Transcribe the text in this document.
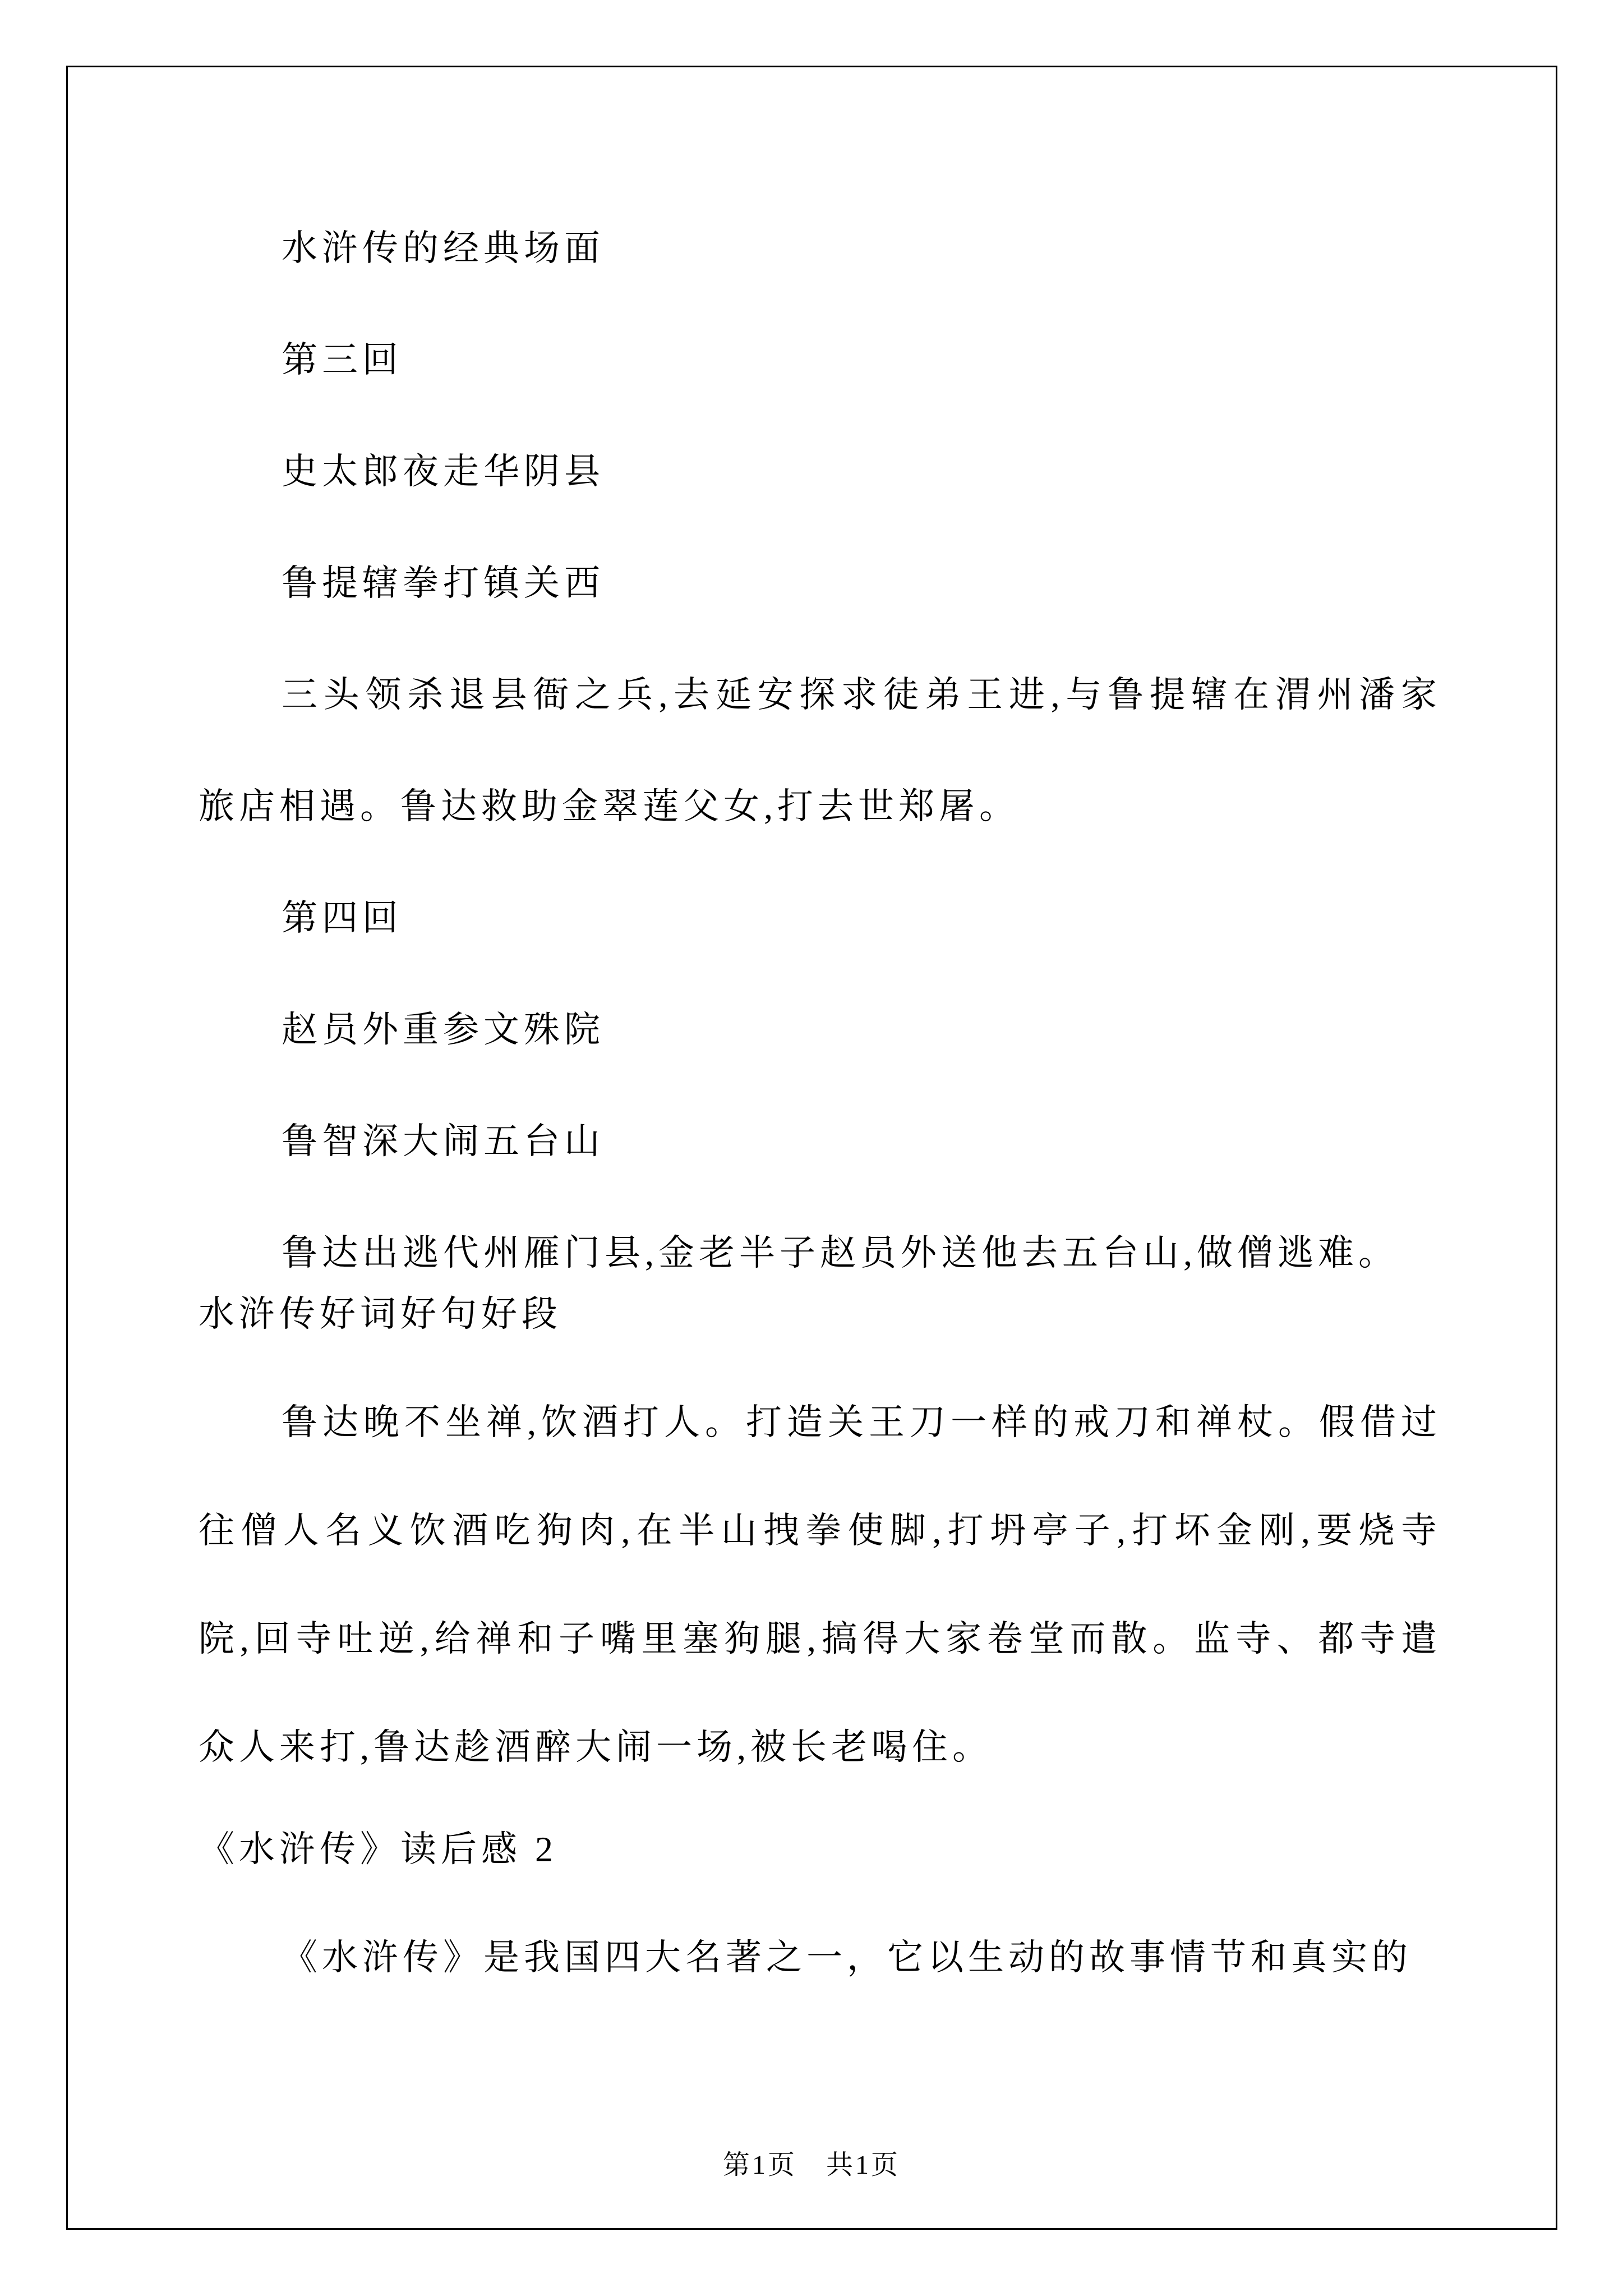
水浒传的经典场面
第三回
史太郎夜走华阴县
鲁提辖拳打镇关西
三头领杀退县衙之兵,去延安探求徒弟王进,与鲁提辖在渭州潘家
旅店相遇。鲁达救助金翠莲父女,打去世郑屠。
第四回
赵员外重参文殊院
鲁智深大闹五台山
鲁达出逃代州雁门县,金老半子赵员外送他去五台山,做僧逃难。
水浒传好词好句好段
鲁达晚不坐禅,饮酒打人。打造关王刀一样的戒刀和禅杖。假借过
往僧人名义饮酒吃狗肉,在半山拽拳使脚,打坍亭子,打坏金刚,要烧寺
院,回寺吐逆,给禅和子嘴里塞狗腿,搞得大家卷堂而散。监寺、都寺遣
众人来打,鲁达趁酒醉大闹一场,被长老喝住。
《水浒传》读后感 2
《水浒传》是我国四大名著之一，它以生动的故事情节和真实的
第1页 共1页
